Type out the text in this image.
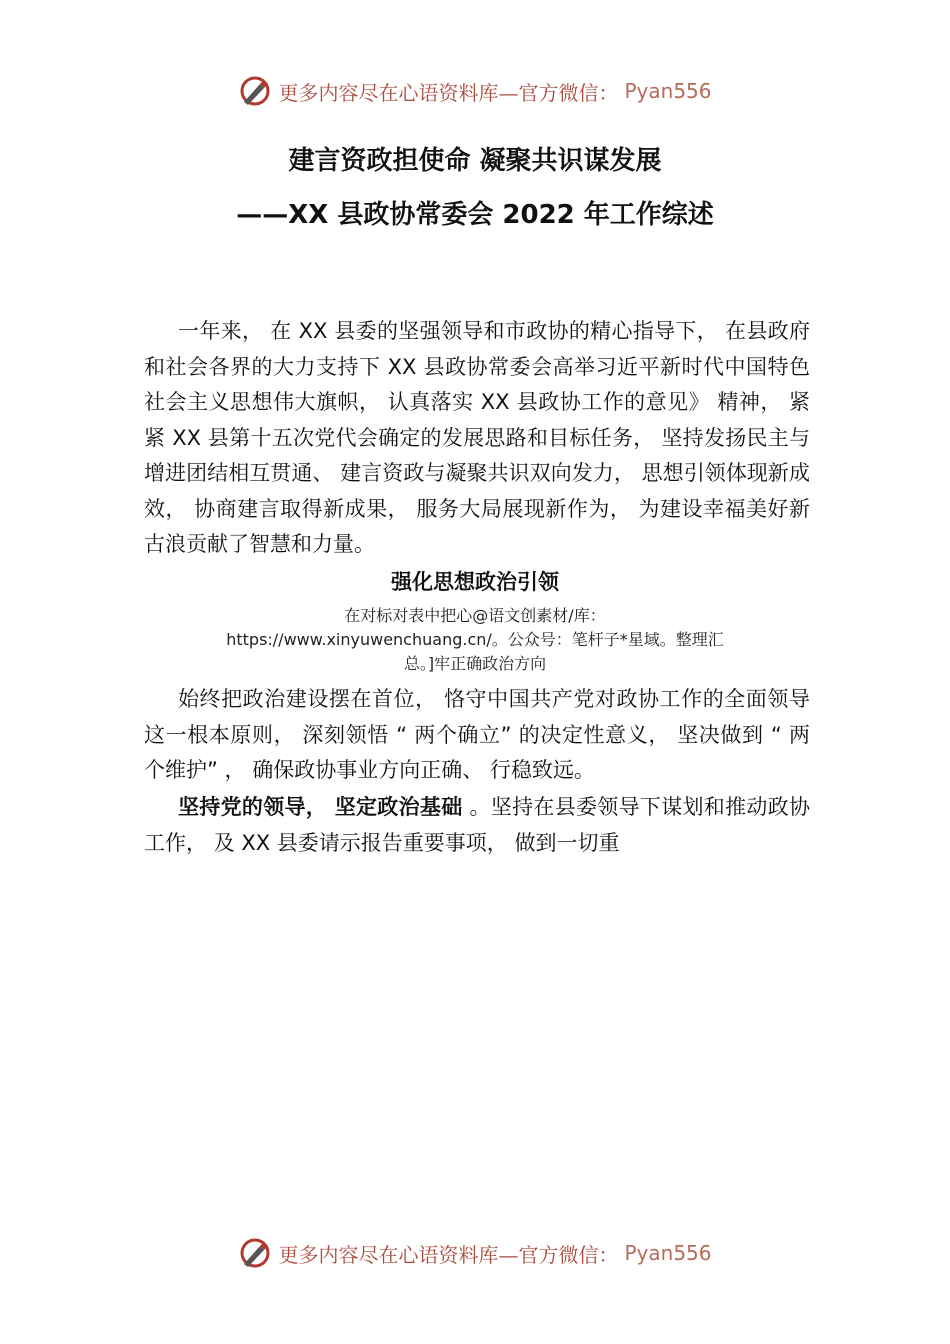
更多内容尽在心语资料库—官方微信： Pyan556
建言资政担使命 凝聚共识谋发展
——XX 县政协常委会 2022 年工作综述
一年来， 在 XX 县委的坚强领导和市政协的精心指导下， 在县政府和社会各界的大力支持下 XX 县政协常委会高举习近平新时代中国特色社会主义思想伟大旗帜， 认真落实 XX 县政协工作的意见》 精神， 紧紧 XX 县第十五次党代会确定的发展思路和目标任务， 坚持发扬民主与增进团结相互贯通、 建言资政与凝聚共识双向发力， 思想引领体现新成效， 协商建言取得新成果， 服务大局展现新作为， 为建设幸福美好新古浪贡献了智慧和力量。
强化思想政治引领
在对标对表中把心@语文创素材/库：https://www.xinyuwenchuang.cn/。公众号：笔杆子*星域。整理汇总。]牢正确政治方向
始终把政治建设摆在首位， 恪守中国共产党对政协工作的全面领导这一根本原则， 深刻领悟 “ 两个确立” 的决定性意义， 坚决做到 “ 两个维护” ， 确保政协事业方向正确、 行稳致远。
坚持党的领导， 坚定政治基础 。坚持在县委领导下谋划和推动政协工作， 及 XX 县委请示报告重要事项， 做到一切重
更多内容尽在心语资料库—官方微信： Pyan556
